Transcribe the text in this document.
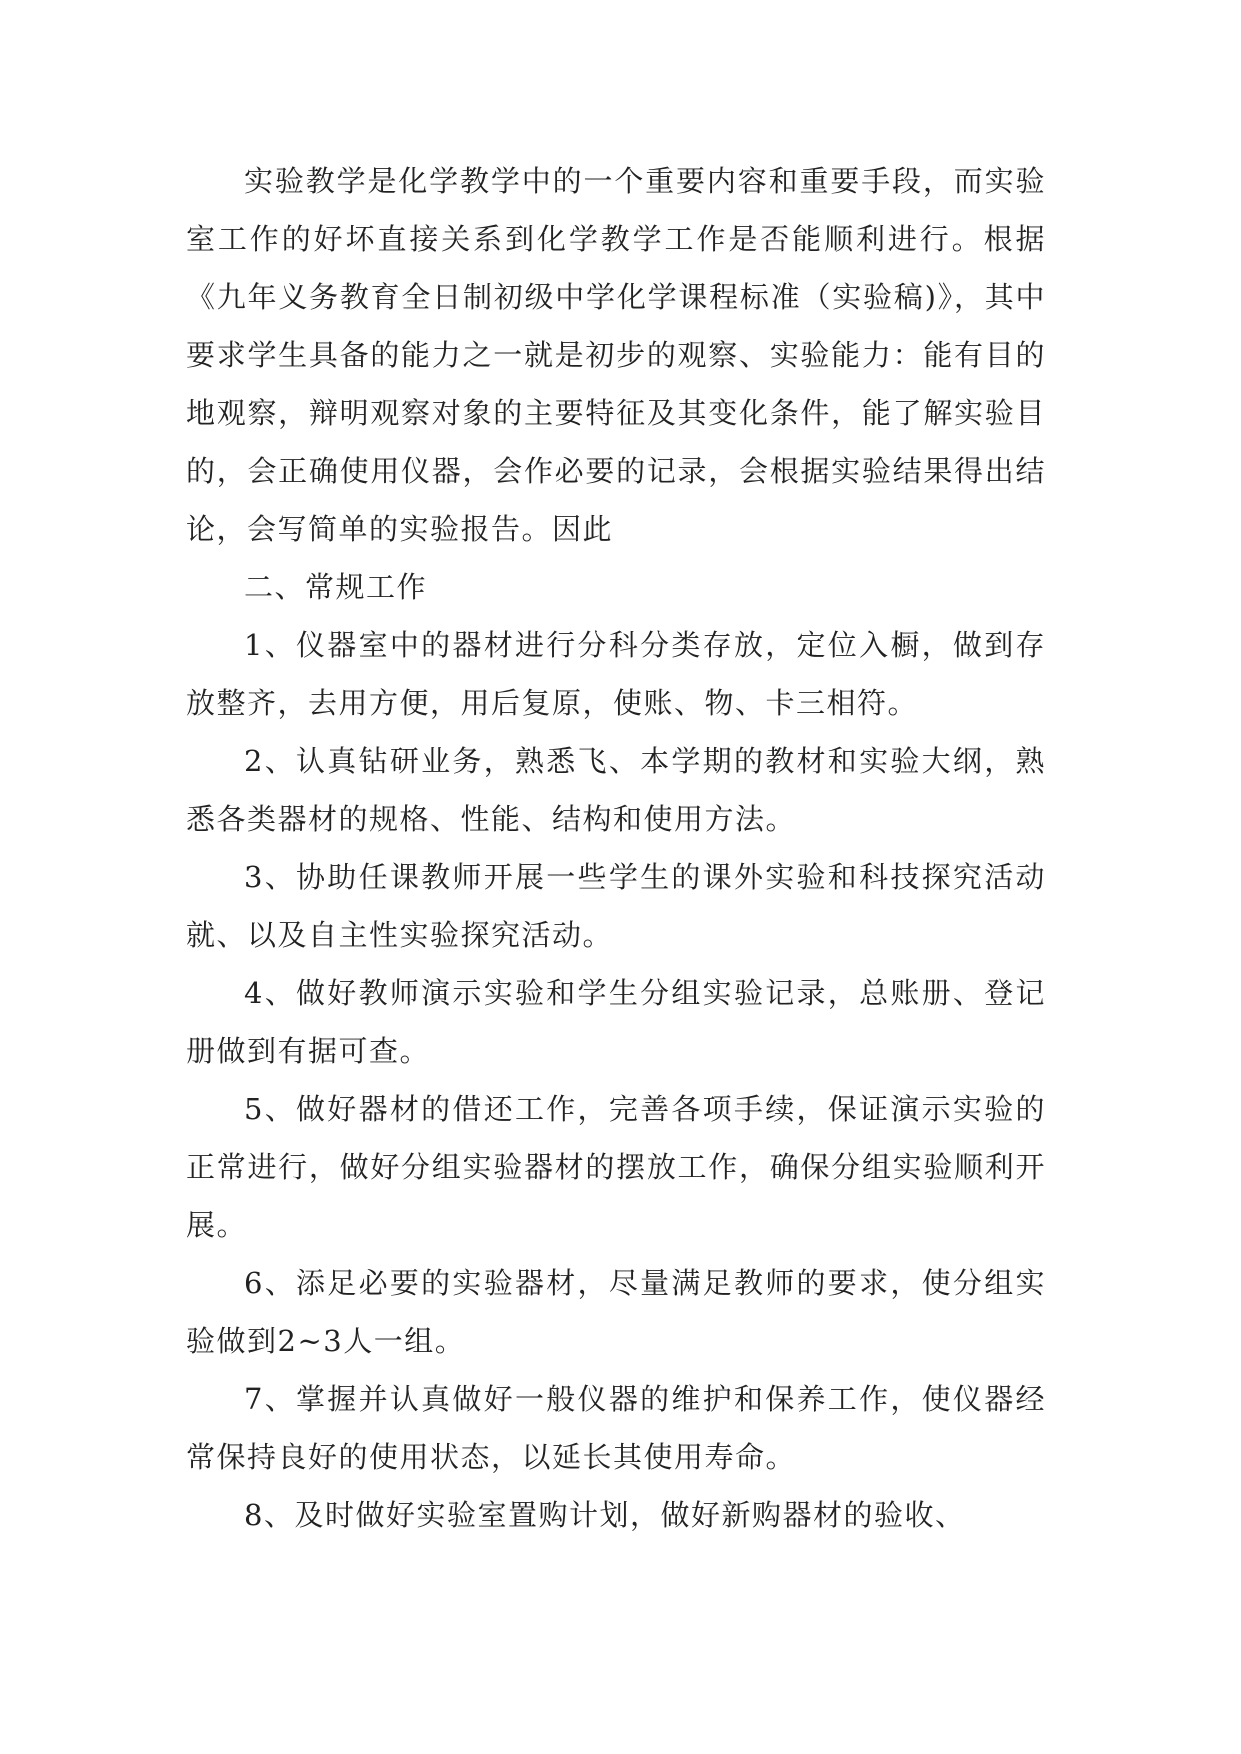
实验教学是化学教学中的一个重要内容和重要手段，而实验室工作的好坏直接关系到化学教学工作是否能顺利进行。根据《九年义务教育全日制初级中学化学课程标准（实验稿)》，其中要求学生具备的能力之一就是初步的观察、实验能力：能有目的地观察，辩明观察对象的主要特征及其变化条件，能了解实验目的，会正确使用仪器，会作必要的记录，会根据实验结果得出结论，会写简单的实验报告。因此

二、常规工作

1、仪器室中的器材进行分科分类存放，定位入橱，做到存放整齐，去用方便，用后复原，使账、物、卡三相符。

2、认真钻研业务，熟悉飞、本学期的教材和实验大纲，熟悉各类器材的规格、性能、结构和使用方法。

3、协助任课教师开展一些学生的课外实验和科技探究活动就、以及自主性实验探究活动。

4、做好教师演示实验和学生分组实验记录，总账册、登记册做到有据可查。

5、做好器材的借还工作，完善各项手续，保证演示实验的正常进行，做好分组实验器材的摆放工作，确保分组实验顺利开展。

6、添足必要的实验器材，尽量满足教师的要求，使分组实验做到2~3人一组。

7、掌握并认真做好一般仪器的维护和保养工作，使仪器经常保持良好的使用状态，以延长其使用寿命。

8、及时做好实验室置购计划，做好新购器材的验收、
